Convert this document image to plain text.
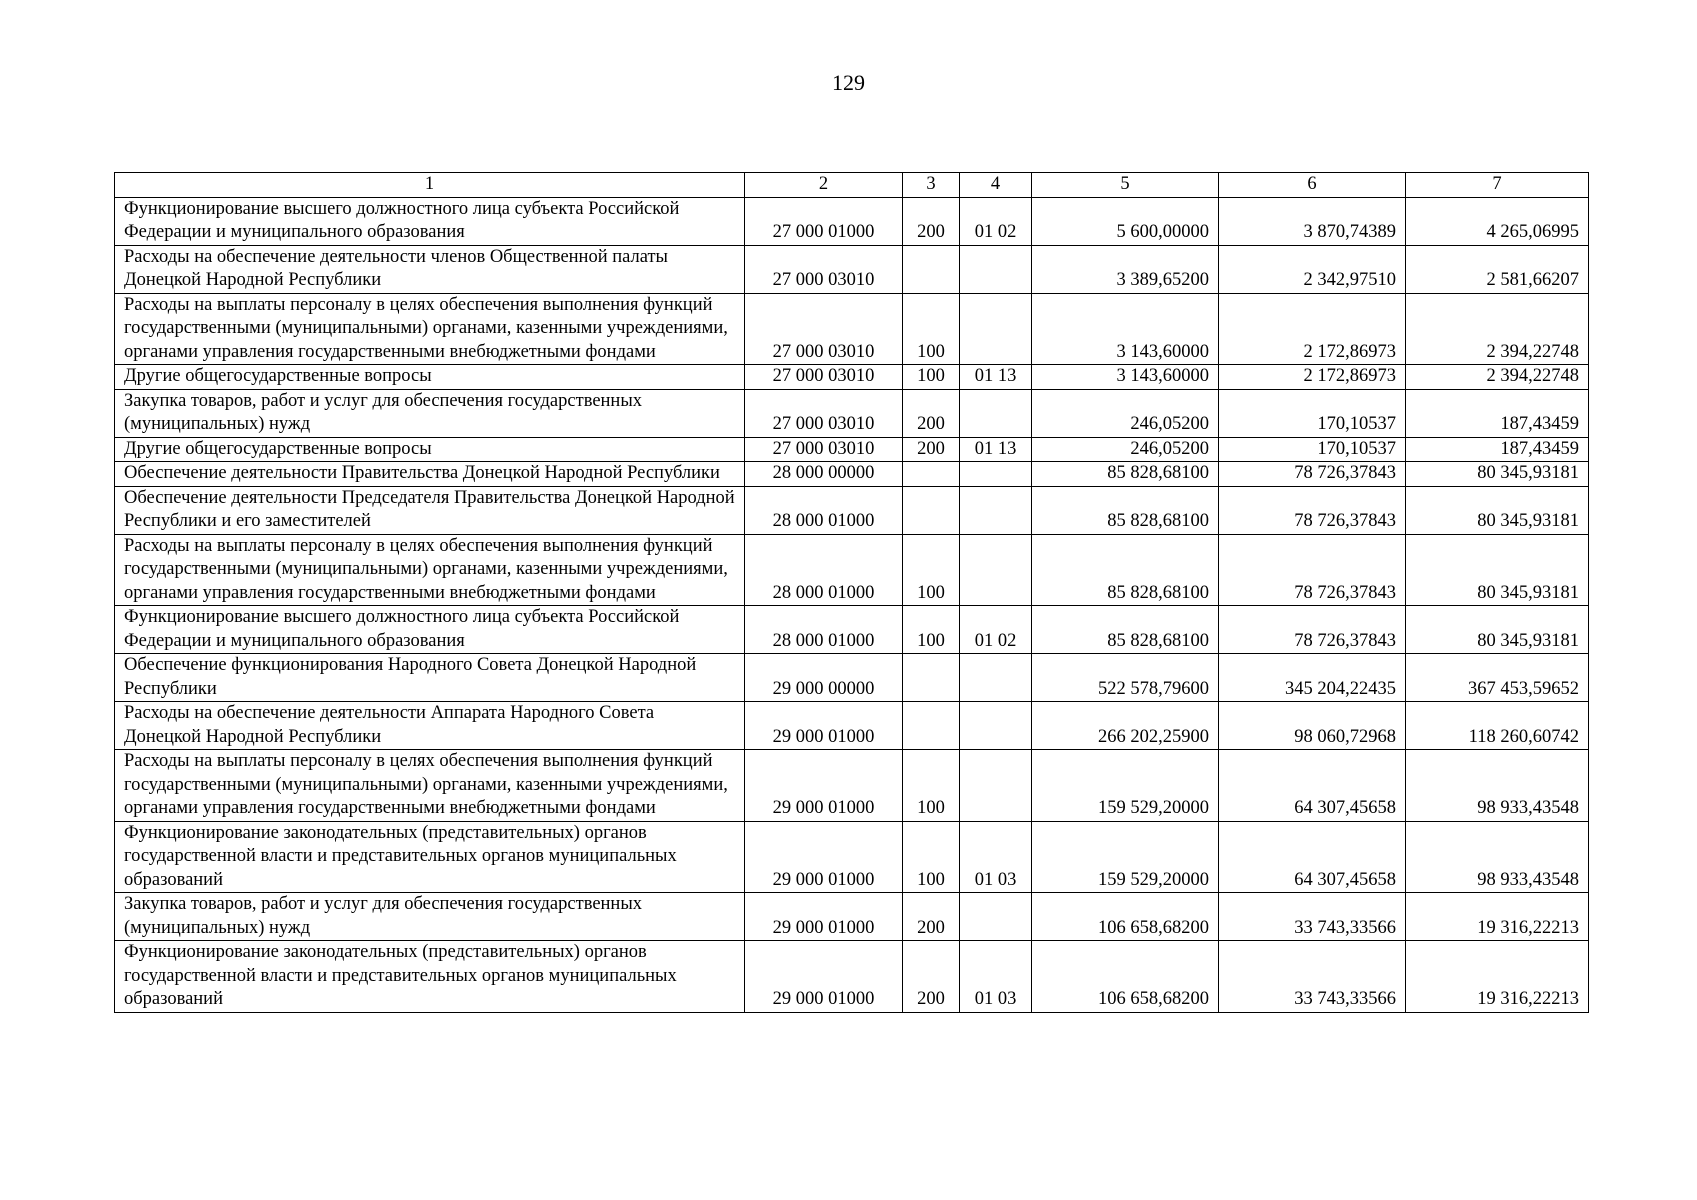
129
1	2	3	4	5	6	7
Функционирование высшего должностного лица субъекта Российской Федерации и муниципального образования	27 000 01000	200	01 02	5 600,00000	3 870,74389	4 265,06995
Расходы на обеспечение деятельности членов Общественной палаты Донецкой Народной Республики	27 000 03010			3 389,65200	2 342,97510	2 581,66207
Расходы на выплаты персоналу в целях обеспечения выполнения функций государственными (муниципальными) органами, казенными учреждениями, органами управления государственными внебюджетными фондами	27 000 03010	100		3 143,60000	2 172,86973	2 394,22748
Другие общегосударственные вопросы	27 000 03010	100	01 13	3 143,60000	2 172,86973	2 394,22748
Закупка товаров, работ и услуг для обеспечения государственных (муниципальных) нужд	27 000 03010	200		246,05200	170,10537	187,43459
Другие общегосударственные вопросы	27 000 03010	200	01 13	246,05200	170,10537	187,43459
Обеспечение деятельности Правительства Донецкой Народной Республики	28 000 00000			85 828,68100	78 726,37843	80 345,93181
Обеспечение деятельности Председателя Правительства Донецкой Народной Республики и его заместителей	28 000 01000			85 828,68100	78 726,37843	80 345,93181
Расходы на выплаты персоналу в целях обеспечения выполнения функций государственными (муниципальными) органами, казенными учреждениями, органами управления государственными внебюджетными фондами	28 000 01000	100		85 828,68100	78 726,37843	80 345,93181
Функционирование высшего должностного лица субъекта Российской Федерации и муниципального образования	28 000 01000	100	01 02	85 828,68100	78 726,37843	80 345,93181
Обеспечение функционирования Народного Совета Донецкой Народной Республики	29 000 00000			522 578,79600	345 204,22435	367 453,59652
Расходы на обеспечение деятельности Аппарата Народного Совета Донецкой Народной Республики	29 000 01000			266 202,25900	98 060,72968	118 260,60742
Расходы на выплаты персоналу в целях обеспечения выполнения функций государственными (муниципальными) органами, казенными учреждениями, органами управления государственными внебюджетными фондами	29 000 01000	100		159 529,20000	64 307,45658	98 933,43548
Функционирование законодательных (представительных) органов государственной власти и представительных органов муниципальных образований	29 000 01000	100	01 03	159 529,20000	64 307,45658	98 933,43548
Закупка товаров, работ и услуг для обеспечения государственных (муниципальных) нужд	29 000 01000	200		106 658,68200	33 743,33566	19 316,22213
Функционирование законодательных (представительных) органов государственной власти и представительных органов муниципальных образований	29 000 01000	200	01 03	106 658,68200	33 743,33566	19 316,22213
